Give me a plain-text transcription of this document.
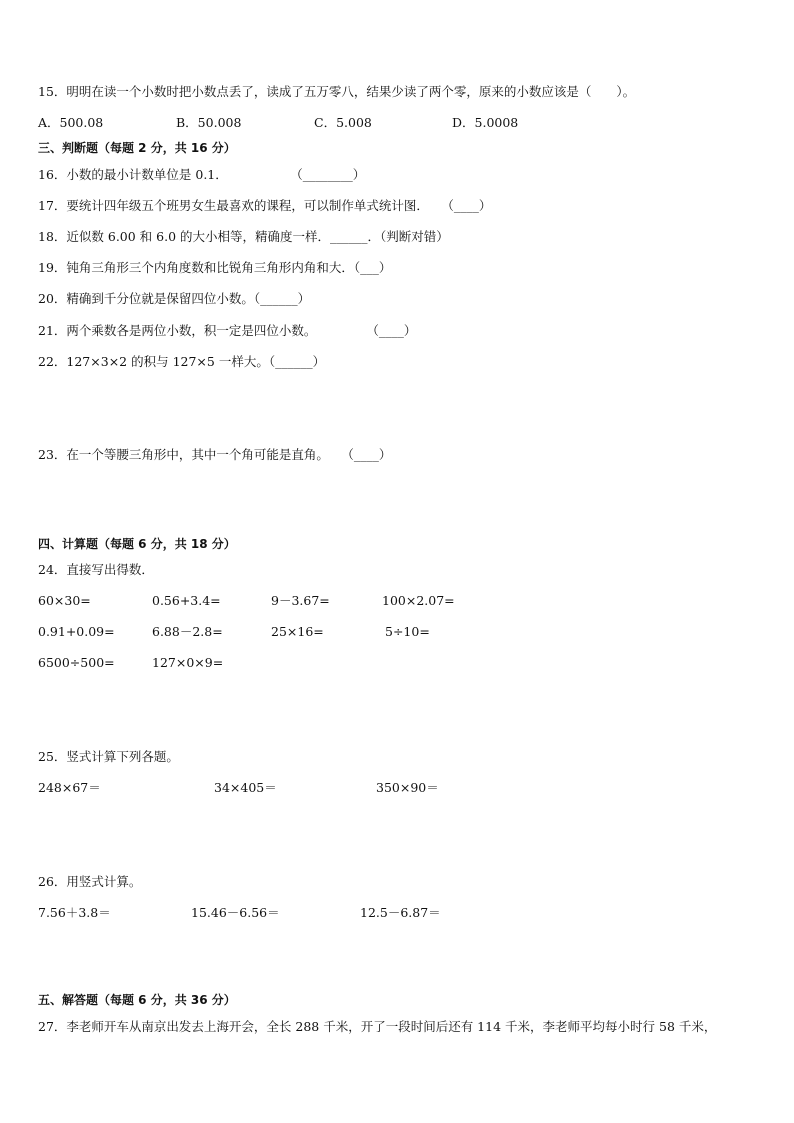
15．明明在读一个小数时把小数点丢了，读成了五万零八，结果少读了两个零，原来的小数应该是（　　）。
A．500.08	B．50.008	C．5.008	D．5.0008
三、判断题（每题 2 分，共 16 分）
16．小数的最小计数单位是 0.1．　　　　　　（________）
17．要统计四年级五个班男女生最喜欢的课程，可以制作单式统计图．　　（____）
18．近似数 6.00 和 6.0 的大小相等，精确度一样．______．（判断对错）
19．钝角三角形三个内角度数和比锐角三角形内角和大．（___）
20．精确到千分位就是保留四位小数。（______）
21．两个乘数各是两位小数，积一定是四位小数。　　　　　（____）
22．127×3×2 的积与 127×5 一样大。（______）
23．在一个等腰三角形中，其中一个角可能是直角。　　（____）
四、计算题（每题 6 分，共 18 分）
24．直接写出得数．
60×30=	0.56+3.4=	9－3.67=	100×2.07=
0.91+0.09=	6.88－2.8=	25×16=	5÷10=
6500÷500=	127×0×9=
25．竖式计算下列各题。
248×67＝	34×405＝	350×90＝
26．用竖式计算。
7.56＋3.8＝	15.46－6.56＝	12.5－6.87＝
五、解答题（每题 6 分，共 36 分）
27．李老师开车从南京出发去上海开会，全长 288 千米，开了一段时间后还有 114 千米，李老师平均每小时行 58 千米，
